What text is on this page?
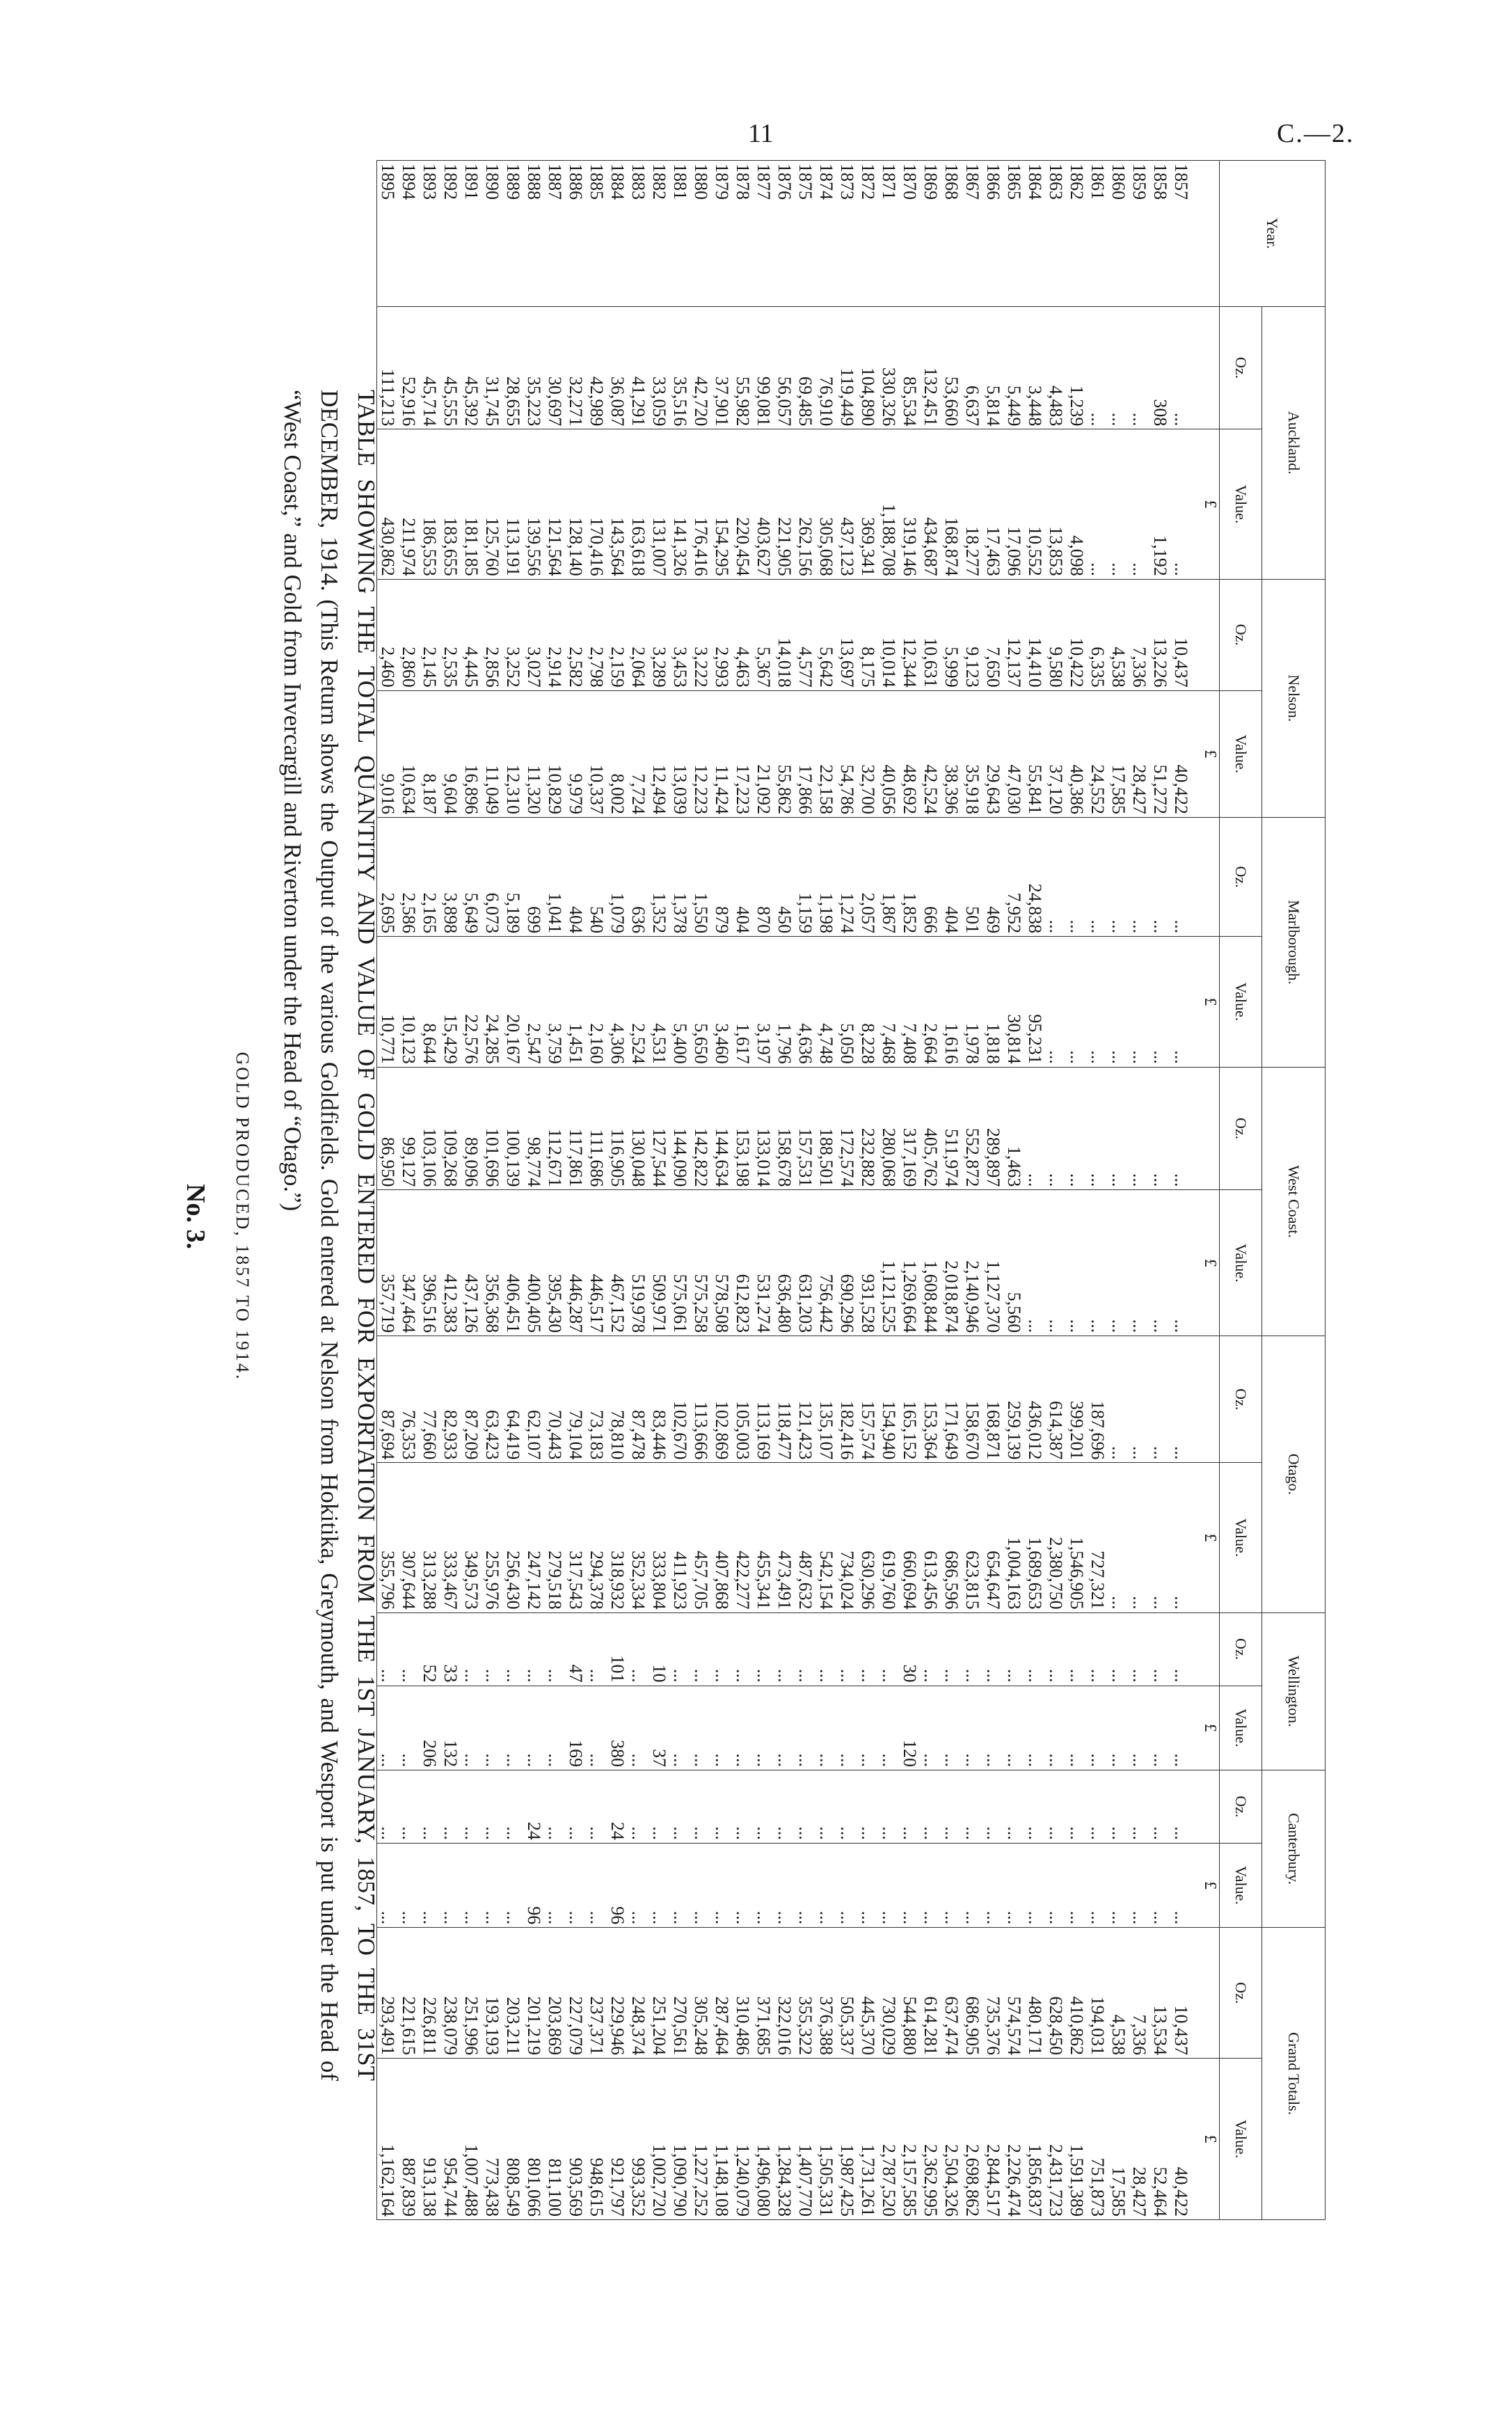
11	C.—2.
No. 3. GOLD PRODUCED, 1857 TO 1914.	TABLE SHOWING THE TOTAL QUANTITY AND VALUE OF GOLD ENTERED FOR EXPORTATION FROM THE 1ST JANUARY, 1857, TO THE 31ST DECEMBER, 1914. (This Return shows the Output of the various Goldfields. Gold entered at Nelson from Hokitika, Greymouth, and Westport is put under the Head of “West Coast,” and Gold from Invercargill and Riverton under the Head of “Otago.”)
Year.	Auckland.		Nelson.		Marlborough.		West Coast.		Otago.		Wellington.		Canterbury.		Grand Totals.	
	Oz.	Value.	Oz.	Value.	Oz.	Value.	Oz.	Value.	Oz.	Value.	Oz.	Value.	Oz.	Value.	Oz.	Value.
		£		£		£		£		£		£		£		£
1857	...	...	10,437	40,422	...	...	...	...	...	...	...	...	...	...	10,437	40,422
1858	308	1,192	13,226	51,272	...	...	...	...	...	...	...	...	...	...	13,534	52,464
1859	...	...	7,336	28,427	...	...	...	...	...	...	...	...	...	...	7,336	28,427
1860	...	...	4,538	17,585	...	...	...	...	...	...	...	...	...	...	4,538	17,585
1861	...	...	6,335	24,552	...	...	...	...	187,696	727,321	...	...	...	...	194,031	751,873
1862	1,239	4,098	10,422	40,386	...	...	...	...	399,201	1,546,905	...	...	...	...	410,862	1,591,389
1863	4,483	13,853	9,580	37,120	...	...	...	...	614,387	2,380,750	...	...	...	...	628,450	2,431,723
1864	3,448	10,552	14,410	55,841	24,838	95,231	...	...	436,012	1,689,653	...	...	...	...	480,171	1,856,837
1865	5,449	17,096	12,137	47,030	7,952	30,814	1,463	5,560	259,139	1,004,163	...	...	...	...	574,574	2,226,474
1866	5,814	17,463	7,650	29,643	469	1,818	289,897	1,127,370	168,871	654,647	...	...	...	...	735,376	2,844,517
1867	6,637	18,277	9,123	35,918	501	1,978	552,872	2,140,946	158,670	623,815	...	...	...	...	686,905	2,698,862
1868	53,660	168,874	5,999	38,396	404	1,616	511,974	2,018,874	171,649	686,596	...	...	...	...	637,474	2,504,326
1869	132,451	434,687	10,631	42,524	666	2,664	405,762	1,608,844	153,364	613,456	...	...	...	...	614,281	2,362,995
1870	85,534	319,146	12,344	48,692	1,852	7,408	317,169	1,269,664	165,152	660,694	30	120	...	...	544,880	2,157,585
1871	330,326	1,188,708	10,014	40,056	1,867	7,468	280,068	1,121,525	154,940	619,760	...	...	...	...	730,029	2,787,520
1872	104,890	369,341	8,175	32,700	2,057	8,228	232,882	931,528	157,574	630,296	...	...	...	...	445,370	1,731,261
1873	119,449	437,123	13,697	54,786	1,274	5,050	172,574	690,296	182,416	734,024	...	...	...	...	505,337	1,987,425
1874	76,910	305,068	5,642	22,158	1,198	4,748	188,501	756,442	135,107	542,154	...	...	...	...	376,388	1,505,331
1875	69,485	262,156	4,577	17,866	1,159	4,636	157,531	631,203	121,423	487,632	...	...	...	...	355,322	1,407,770
1876	56,057	221,905	14,018	55,862	450	1,796	158,678	636,480	118,477	473,491	...	...	...	...	322,016	1,284,328
1877	99,081	403,627	5,367	21,092	870	3,197	133,014	531,274	113,169	455,341	...	...	...	...	371,685	1,496,080
1878	55,982	220,454	4,463	17,223	404	1,617	153,198	612,823	105,003	422,277	...	...	...	...	310,486	1,240,079
1879	37,901	154,295	2,993	11,424	879	3,460	144,634	578,508	102,869	407,868	...	...	...	...	287,464	1,148,108
1880	42,720	176,416	3,222	12,223	1,550	5,650	142,822	575,258	113,666	457,705	...	...	...	...	305,248	1,227,252
1881	35,516	141,326	3,453	13,039	1,378	5,400	144,090	575,061	102,670	411,923	...	...	...	...	270,561	1,090,790
1882	33,059	131,007	3,289	12,494	1,352	4,531	127,544	509,971	83,446	333,804	10	37	...	...	251,204	1,002,720
1883	41,291	163,618	2,064	7,724	636	2,524	130,048	519,978	87,478	352,334	...	...	...	...	248,374	993,352
1884	36,087	143,564	2,159	8,002	1,079	4,306	116,905	467,152	78,810	318,932	101	380	24	96	229,946	921,797
1885	42,989	170,416	2,798	10,337	540	2,160	111,686	446,517	73,183	294,378	...	...	...	...	237,371	948,615
1886	32,271	128,140	2,582	9,979	404	1,451	117,861	446,287	79,104	317,543	47	169	...	...	227,079	903,569
1887	30,697	121,564	2,914	10,829	1,041	3,759	112,671	395,430	70,443	279,518	...	...	...	...	203,869	811,100
1888	35,223	139,556	3,027	11,320	699	2,547	98,774	400,405	62,107	247,142	...	...	24	96	201,219	801,066
1889	28,655	113,191	3,252	12,310	5,189	20,167	100,139	406,451	64,419	256,430	...	...	...	...	203,211	808,549
1890	31,745	125,760	2,856	11,049	6,073	24,285	101,696	356,368	63,423	255,976	...	...	...	...	193,193	773,438
1891	45,392	181,185	4,445	16,896	5,649	22,576	89,096	437,126	87,209	349,573	...	...	...	...	251,996	1,007,488
1892	45,555	183,655	2,535	9,604	3,898	15,429	109,268	412,383	82,933	333,467	33	132	...	...	238,079	954,744
1893	45,714	186,553	2,145	8,187	2,165	8,644	103,106	396,516	77,660	313,288	52	206	...	...	226,811	913,138
1894	52,916	211,974	2,860	10,634	2,586	10,123	99,127	347,464	76,353	307,644	...	...	...	...	221,615	887,839
1895	111,213	430,862	2,460	9,016	2,695	10,771	86,950	357,719	87,694	355,796	...	...	...	...	293,491	1,162,164
